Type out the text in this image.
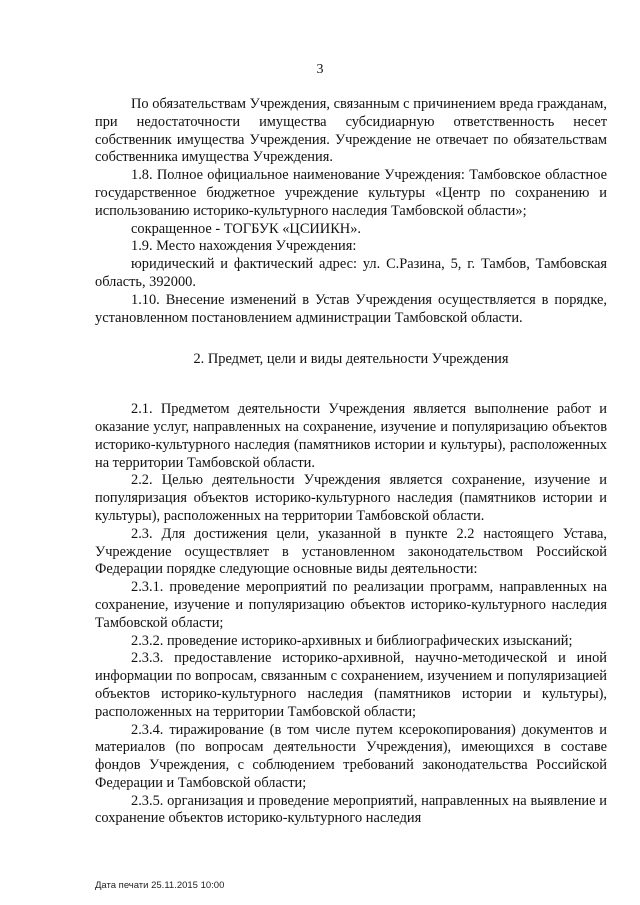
3

По обязательствам Учреждения, связанным с причинением вреда гражданам, при недостаточности имущества субсидиарную ответственность несет собственник имущества Учреждения. Учреждение не отвечает по обязательствам собственника имущества Учреждения.

1.8. Полное официальное наименование Учреждения: Тамбовское областное государственное бюджетное учреждение культуры «Центр по сохранению и использованию историко-культурного наследия Тамбовской области»;

сокращенное - ТОГБУК «ЦСИИКН».

1.9. Место нахождения Учреждения:

юридический и фактический адрес: ул. С.Разина, 5, г. Тамбов, Тамбовская область, 392000.

1.10. Внесение изменений в Устав Учреждения осуществляется в порядке, установленном постановлением администрации Тамбовской области.

2. Предмет, цели и виды деятельности Учреждения

2.1. Предметом деятельности Учреждения является выполнение работ и оказание услуг, направленных на сохранение, изучение и популяризацию объектов историко-культурного наследия (памятников истории и культуры), расположенных на территории Тамбовской области.

2.2. Целью деятельности Учреждения является сохранение, изучение и популяризация объектов историко-культурного наследия (памятников истории и культуры), расположенных на территории Тамбовской области.

2.3. Для достижения цели, указанной в пункте 2.2 настоящего Устава, Учреждение осуществляет в установленном законодательством Российской Федерации порядке следующие основные виды деятельности:

2.3.1. проведение мероприятий по реализации программ, направленных на сохранение, изучение и популяризацию объектов историко-культурного наследия Тамбовской области;

2.3.2. проведение историко-архивных и библиографических изысканий;

2.3.3. предоставление историко-архивной, научно-методической и иной информации по вопросам, связанным с сохранением, изучением и популяризацией объектов историко-культурного наследия (памятников истории и культуры), расположенных на территории Тамбовской области;

2.3.4. тиражирование (в том числе путем ксерокопирования) документов и материалов (по вопросам деятельности Учреждения), имеющихся в составе фондов Учреждения, с соблюдением требований законодательства Российской Федерации и Тамбовской области;

2.3.5. организация и проведение мероприятий, направленных на выявление и сохранение объектов историко-культурного наследия

Дата печати 25.11.2015 10:00
